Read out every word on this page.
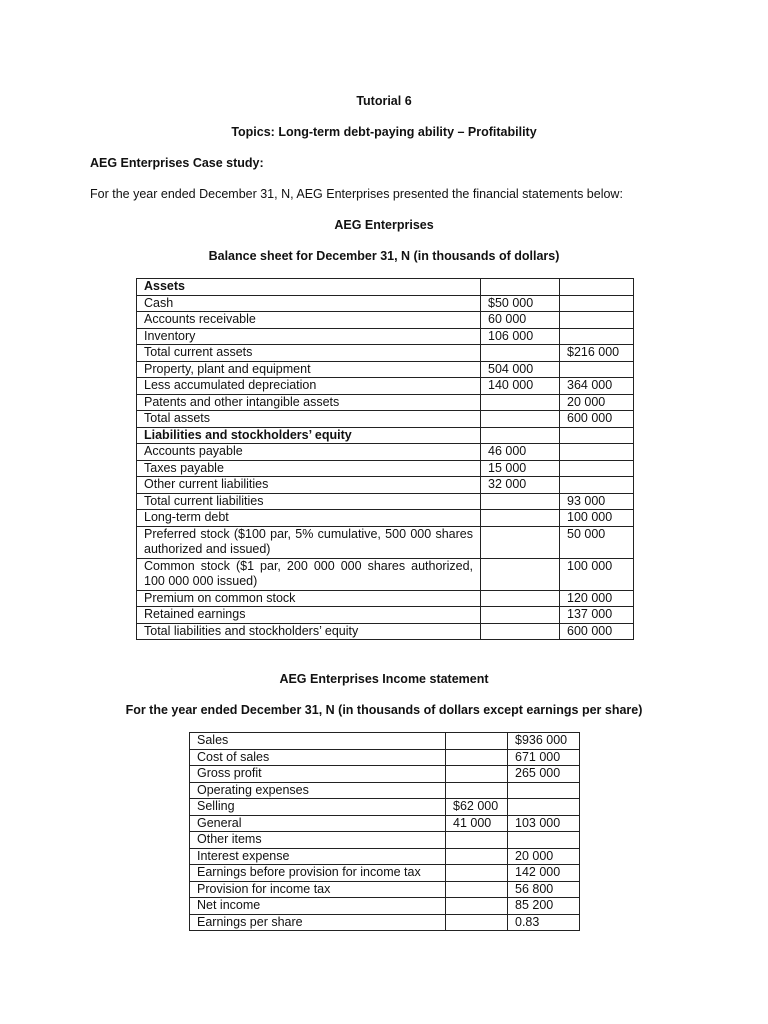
Tutorial 6
Topics: Long-term debt-paying ability – Profitability
AEG Enterprises Case study:
For the year ended December 31, N, AEG Enterprises presented the financial statements below:
AEG Enterprises
Balance sheet for December 31, N (in thousands of dollars)
Assets		
Cash	$50 000	
Accounts receivable	60 000	
Inventory	106 000	
Total current assets		$216 000
Property, plant and equipment	504 000	
Less accumulated depreciation	140 000	364 000
Patents and other intangible assets		20 000
Total assets		600 000
Liabilities and stockholders’ equity		
Accounts payable	46 000	
Taxes payable	15 000	
Other current liabilities	32 000	
Total current liabilities		93 000
Long-term debt		100 000
Preferred stock ($100 par, 5% cumulative, 500 000 shares authorized and issued)		50 000
Common stock ($1 par, 200 000 000 shares authorized, 100 000 000 issued)		100 000
Premium on common stock		120 000
Retained earnings		137 000
Total liabilities and stockholders’ equity		600 000
AEG Enterprises Income statement
For the year ended December 31, N (in thousands of dollars except earnings per share)
Sales		$936 000
Cost of sales		671 000
Gross profit		265 000
Operating expenses		
Selling	$62 000	
General	41 000	103 000
Other items		
Interest expense		20 000
Earnings before provision for income tax		142 000
Provision for income tax		56 800
Net income		85 200
Earnings per share		0.83
